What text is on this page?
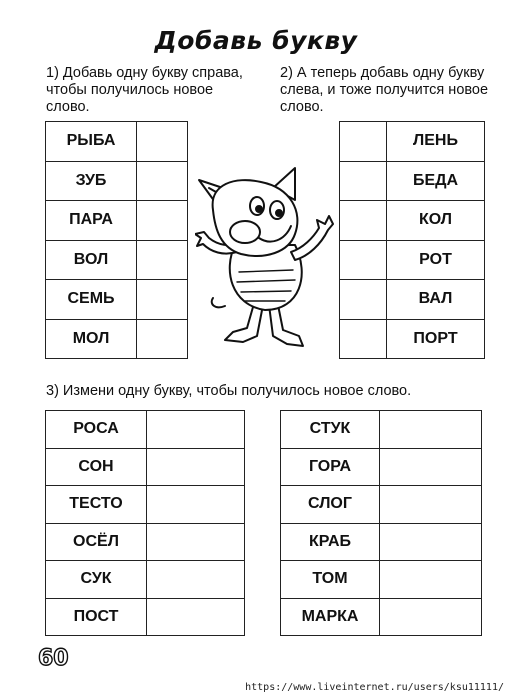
Добавь букву
1) Добавь одну букву справа, чтобы получилось новое слово.
2) А теперь добавь одну букву слева, и тоже получится новое слово.
РЫБА	
ЗУБ	
ПАРА	
ВОЛ	
СЕМЬ	
МОЛ	
	ЛЕНЬ
	БЕДА
	КОЛ
	РОТ
	ВАЛ
	ПОРТ
3) Измени одну букву, чтобы получилось новое слово.
РОСА	
СОН	
ТЕСТО	
ОСЁЛ	
СУК	
ПОСТ	
СТУК	
ГОРА	
СЛОГ	
КРАБ	
ТОМ	
МАРКА	
60
https://www.liveinternet.ru/users/ksu11111/
